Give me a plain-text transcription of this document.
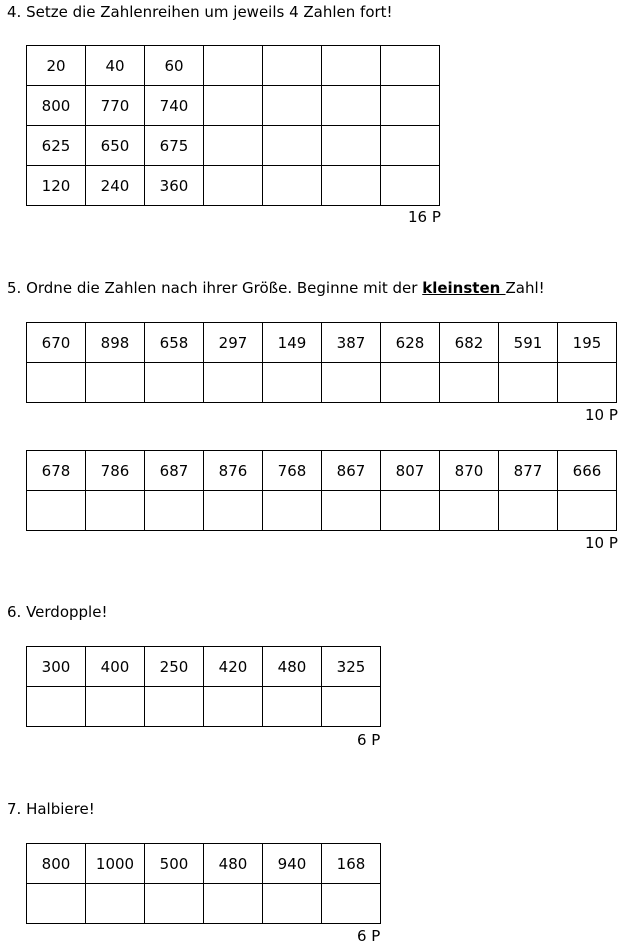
4. Setze die Zahlenreihen um jeweils 4 Zahlen fort!
20	40	60				
800	770	740				
625	650	675				
120	240	360				
16 P
5. Ordne die Zahlen nach ihrer Größe. Beginne mit der kleinsten Zahl!
670	898	658	297	149	387	628	682	591	195

10 P
678	786	687	876	768	867	807	870	877	666

10 P
6. Verdopple!
300	400	250	420	480	325

6 P
7. Halbiere!
800	1000	500	480	940	168

6 P
